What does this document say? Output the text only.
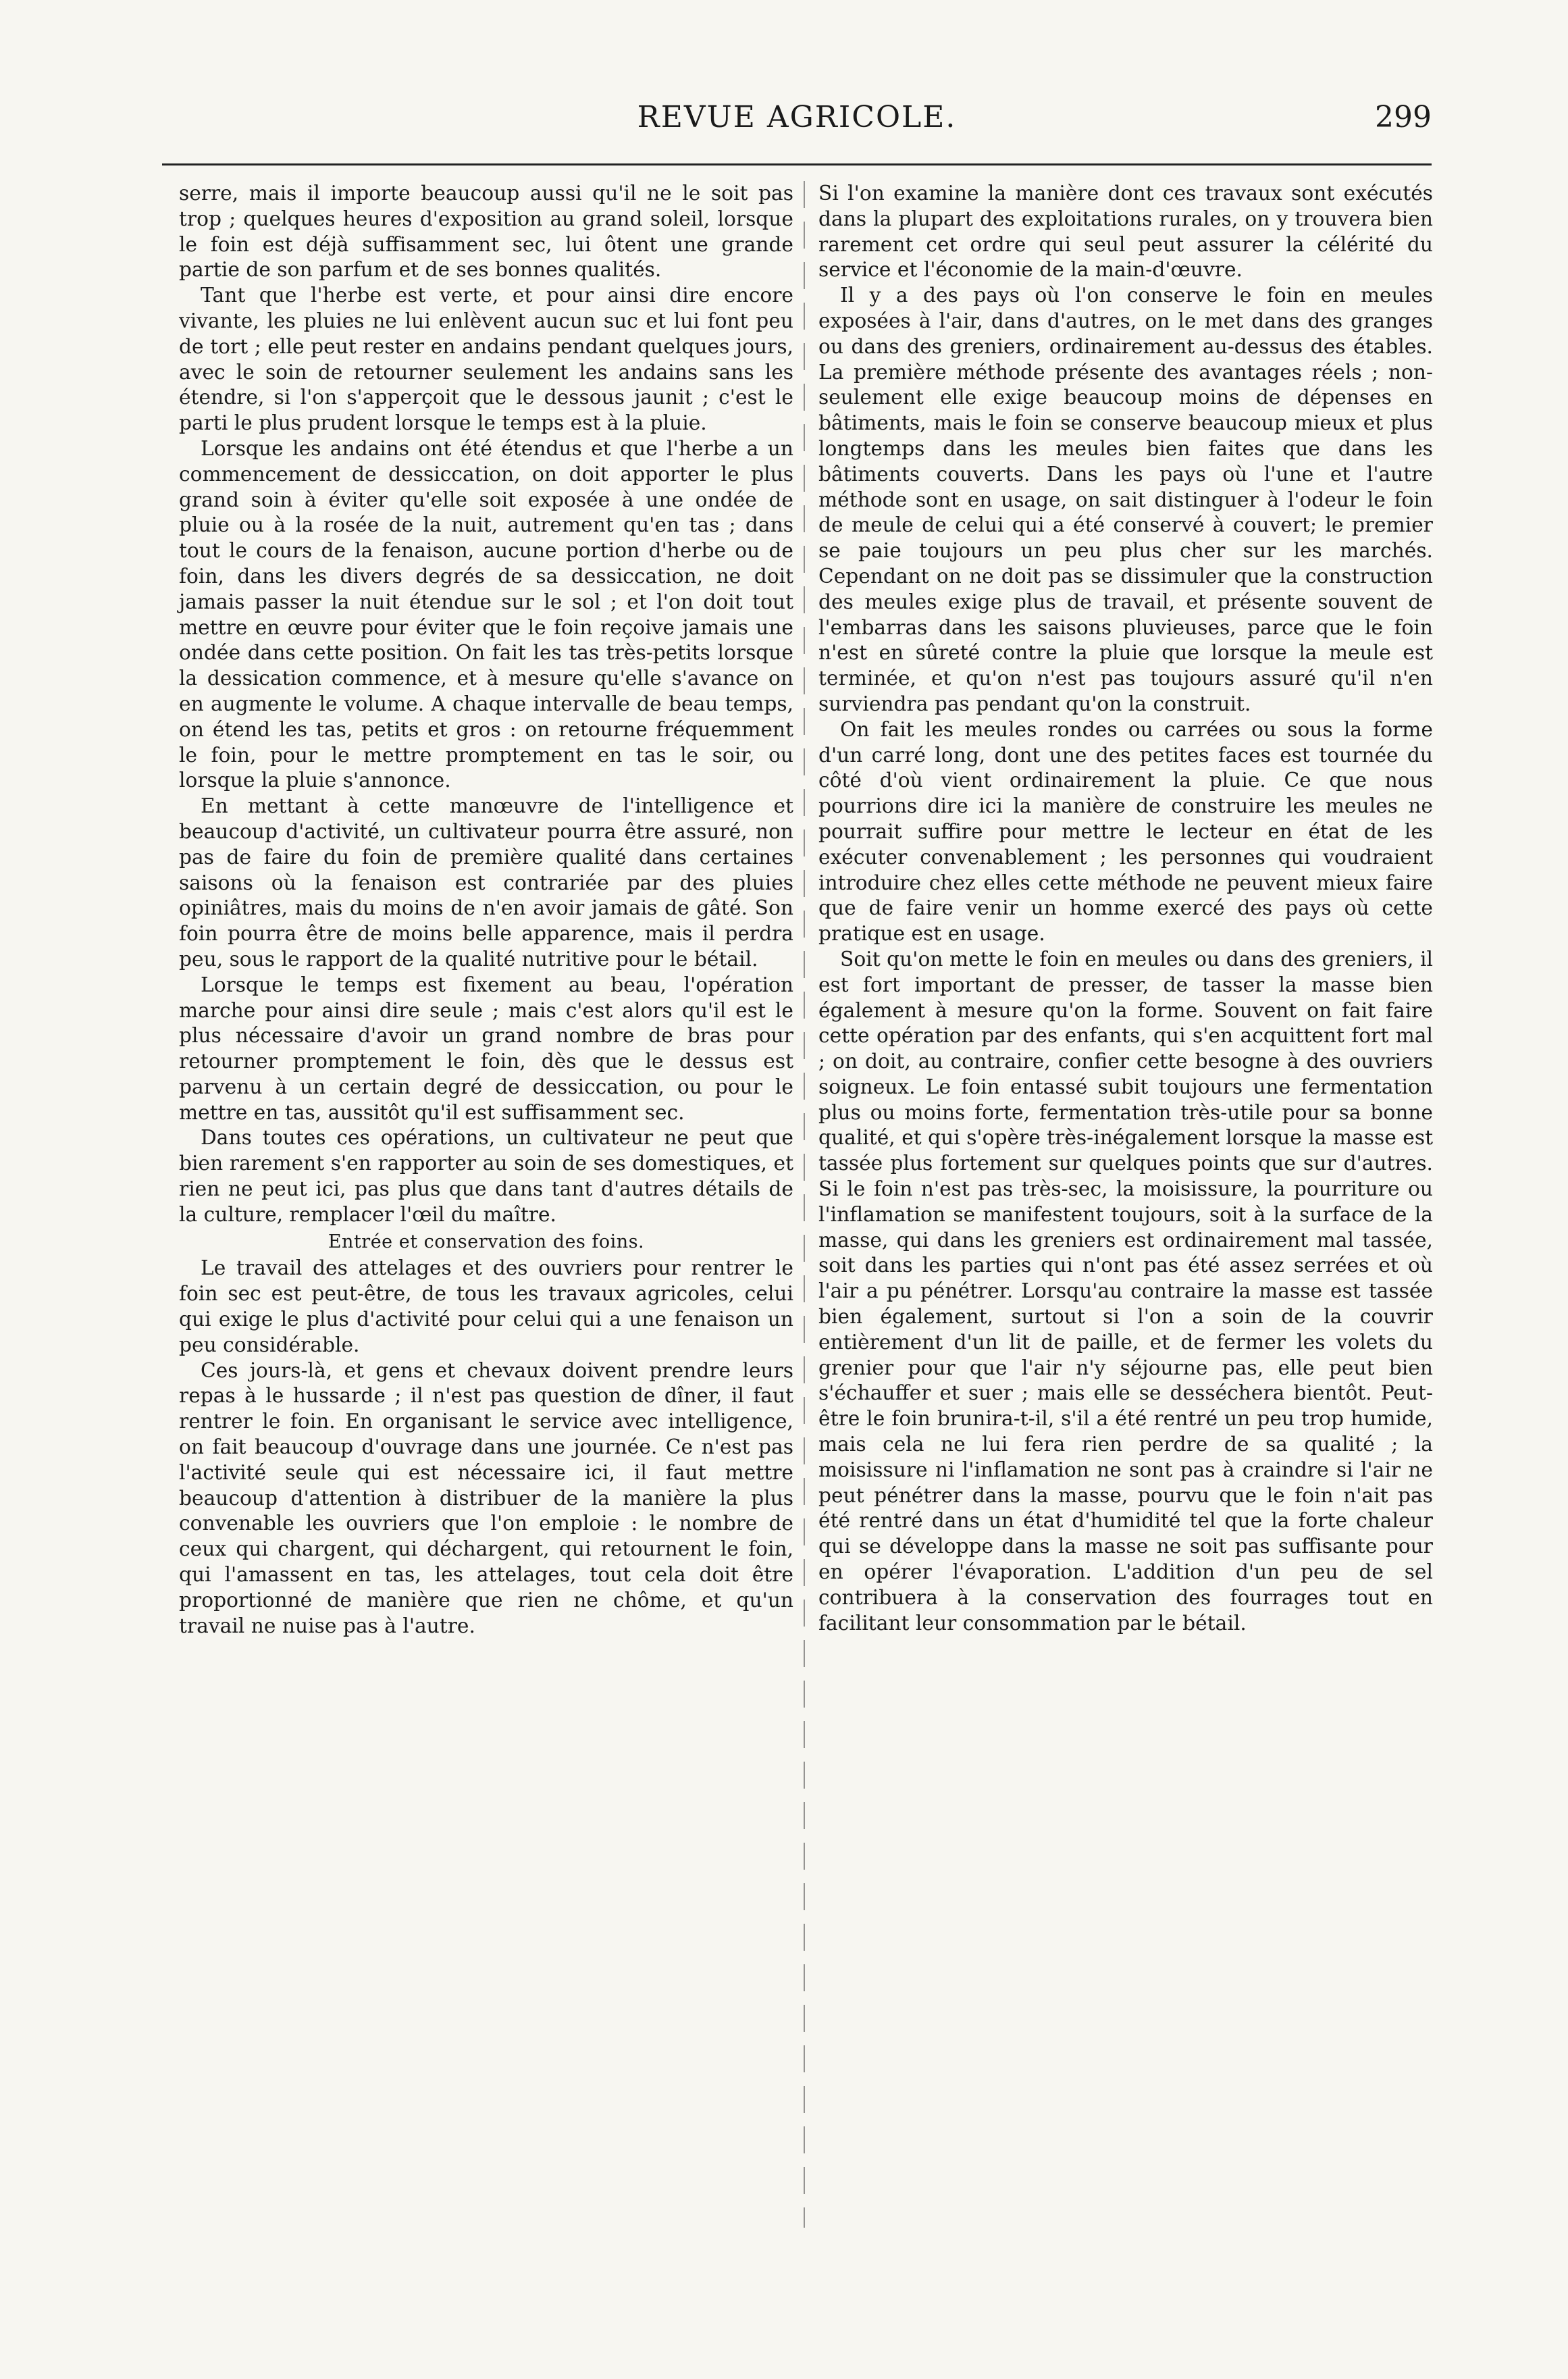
REVUE AGRICOLE.	299

serre, mais il importe beaucoup aussi qu'il ne le soit pas trop ; quelques heures d'exposition au grand soleil, lorsque le foin est déjà suffisamment sec, lui ôtent une grande partie de son parfum et de ses bonnes qualités.

Tant que l'herbe est verte, et pour ainsi dire encore vivante, les pluies ne lui enlèvent aucun suc et lui font peu de tort ; elle peut rester en andains pendant quelques jours, avec le soin de retourner seulement les andains sans les étendre, si l'on s'apperçoit que le dessous jaunit ; c'est le parti le plus prudent lorsque le temps est à la pluie.

Lorsque les andains ont été étendus et que l'herbe a un commencement de dessiccation, on doit apporter le plus grand soin à éviter qu'elle soit exposée à une ondée de pluie ou à la rosée de la nuit, autrement qu'en tas ; dans tout le cours de la fenaison, aucune portion d'herbe ou de foin, dans les divers degrés de sa dessiccation, ne doit jamais passer la nuit étendue sur le sol ; et l'on doit tout mettre en œuvre pour éviter que le foin reçoive jamais une ondée dans cette position. On fait les tas très-petits lorsque la dessication commence, et à mesure qu'elle s'avance on en augmente le volume. A chaque intervalle de beau temps, on étend les tas, petits et gros : on retourne fréquemment le foin, pour le mettre promptement en tas le soir, ou lorsque la pluie s'annonce.

En mettant à cette manœuvre de l'intelligence et beaucoup d'activité, un cultivateur pourra être assuré, non pas de faire du foin de première qualité dans certaines saisons où la fenaison est contrariée par des pluies opiniâtres, mais du moins de n'en avoir jamais de gâté. Son foin pourra être de moins belle apparence, mais il perdra peu, sous le rapport de la qualité nutritive pour le bétail.

Lorsque le temps est fixement au beau, l'opération marche pour ainsi dire seule ; mais c'est alors qu'il est le plus nécessaire d'avoir un grand nombre de bras pour retourner promptement le foin, dès que le dessus est parvenu à un certain degré de dessiccation, ou pour le mettre en tas, aussitôt qu'il est suffisamment sec.

Dans toutes ces opérations, un cultivateur ne peut que bien rarement s'en rapporter au soin de ses domestiques, et rien ne peut ici, pas plus que dans tant d'autres détails de la culture, remplacer l'œil du maître.

Entrée et conservation des foins.

Le travail des attelages et des ouvriers pour rentrer le foin sec est peut-être, de tous les travaux agricoles, celui qui exige le plus d'activité pour celui qui a une fenaison un peu considérable.

Ces jours-là, et gens et chevaux doivent prendre leurs repas à le hussarde ; il n'est pas question de dîner, il faut rentrer le foin. En organisant le service avec intelligence, on fait beaucoup d'ouvrage dans une journée. Ce n'est pas l'activité seule qui est nécessaire ici, il faut mettre beaucoup d'attention à distribuer de la manière la plus convenable les ouvriers que l'on emploie : le nombre de ceux qui chargent, qui déchargent, qui retournent le foin, qui l'amassent en tas, les attelages, tout cela doit être proportionné de manière que rien ne chôme, et qu'un travail ne nuise pas à l'autre.

Si l'on examine la manière dont ces travaux sont exécutés dans la plupart des exploitations rurales, on y trouvera bien rarement cet ordre qui seul peut assurer la célérité du service et l'économie de la main-d'œuvre.

Il y a des pays où l'on conserve le foin en meules exposées à l'air, dans d'autres, on le met dans des granges ou dans des greniers, ordinairement au-dessus des étables. La première méthode présente des avantages réels ; non-seulement elle exige beaucoup moins de dépenses en bâtiments, mais le foin se conserve beaucoup mieux et plus longtemps dans les meules bien faites que dans les bâtiments couverts. Dans les pays où l'une et l'autre méthode sont en usage, on sait distinguer à l'odeur le foin de meule de celui qui a été conservé à couvert; le premier se paie toujours un peu plus cher sur les marchés. Cependant on ne doit pas se dissimuler que la construction des meules exige plus de travail, et présente souvent de l'embarras dans les saisons pluvieuses, parce que le foin n'est en sûreté contre la pluie que lorsque la meule est terminée, et qu'on n'est pas toujours assuré qu'il n'en surviendra pas pendant qu'on la construit.

On fait les meules rondes ou carrées ou sous la forme d'un carré long, dont une des petites faces est tournée du côté d'où vient ordinairement la pluie. Ce que nous pourrions dire ici la manière de construire les meules ne pourrait suffire pour mettre le lecteur en état de les exécuter convenablement ; les personnes qui voudraient introduire chez elles cette méthode ne peuvent mieux faire que de faire venir un homme exercé des pays où cette pratique est en usage.

Soit qu'on mette le foin en meules ou dans des greniers, il est fort important de presser, de tasser la masse bien également à mesure qu'on la forme. Souvent on fait faire cette opération par des enfants, qui s'en acquittent fort mal ; on doit, au contraire, confier cette besogne à des ouvriers soigneux. Le foin entassé subit toujours une fermentation plus ou moins forte, fermentation très-utile pour sa bonne qualité, et qui s'opère très-inégalement lorsque la masse est tassée plus fortement sur quelques points que sur d'autres. Si le foin n'est pas très-sec, la moisissure, la pourriture ou l'inflamation se manifestent toujours, soit à la surface de la masse, qui dans les greniers est ordinairement mal tassée, soit dans les parties qui n'ont pas été assez serrées et où l'air a pu pénétrer. Lorsqu'au contraire la masse est tassée bien également, surtout si l'on a soin de la couvrir entièrement d'un lit de paille, et de fermer les volets du grenier pour que l'air n'y séjourne pas, elle peut bien s'échauffer et suer ; mais elle se desséchera bientôt. Peut-être le foin brunira-t-il, s'il a été rentré un peu trop humide, mais cela ne lui fera rien perdre de sa qualité ; la moisissure ni l'inflamation ne sont pas à craindre si l'air ne peut pénétrer dans la masse, pourvu que le foin n'ait pas été rentré dans un état d'humidité tel que la forte chaleur qui se développe dans la masse ne soit pas suffisante pour en opérer l'évaporation. L'addition d'un peu de sel contribuera à la conservation des fourrages tout en facilitant leur consommation par le bétail.
